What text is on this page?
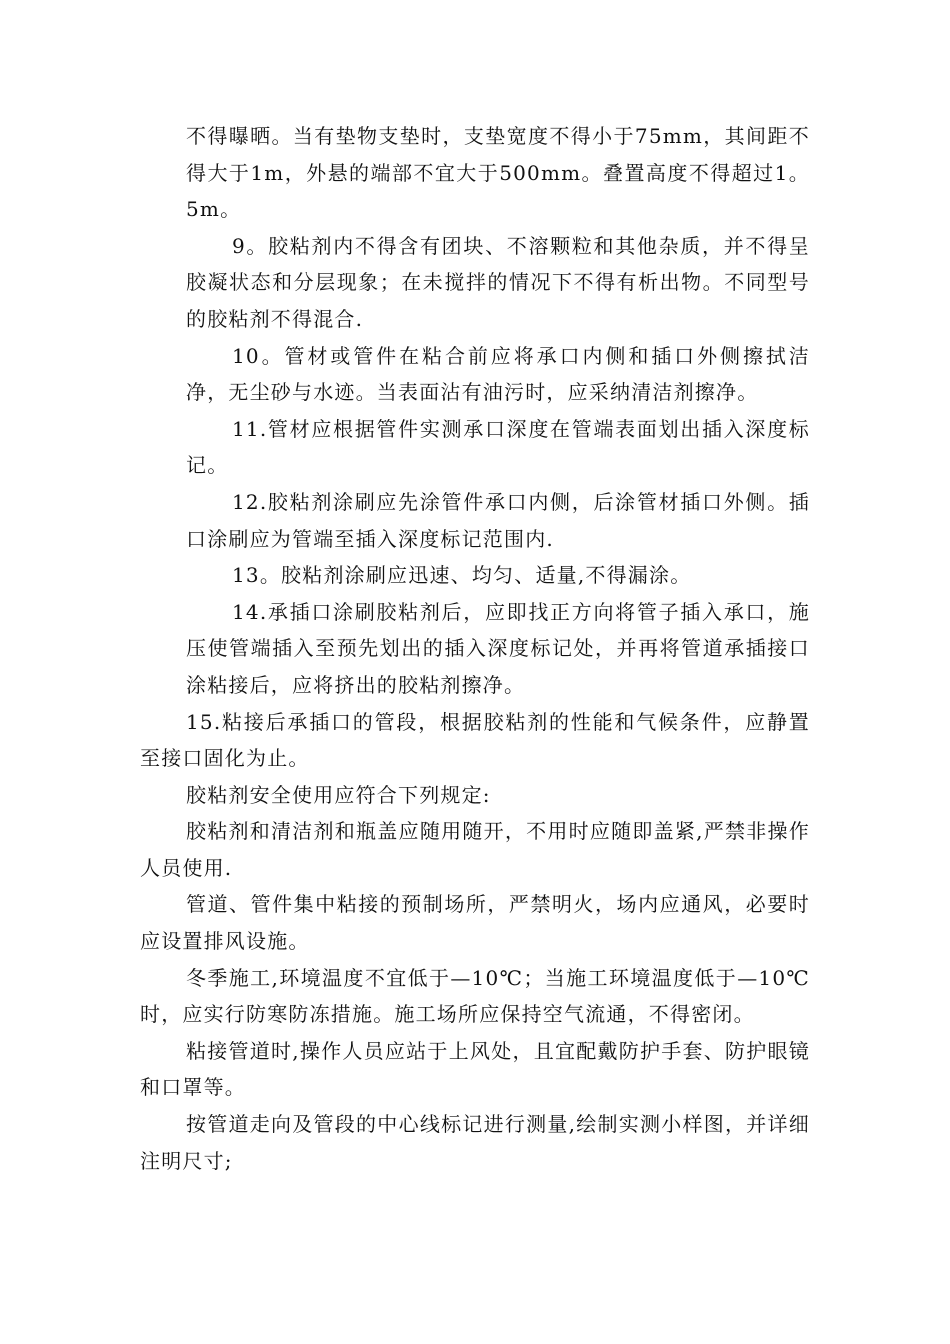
不得曝晒。当有垫物支垫时，支垫宽度不得小于75mm，其间距不得大于1m，外悬的端部不宜大于500mm。叠置高度不得超过1。5m。

9。胶粘剂内不得含有团块、不溶颗粒和其他杂质，并不得呈胶凝状态和分层现象；在未搅拌的情况下不得有析出物。不同型号的胶粘剂不得混合.

10。管材或管件在粘合前应将承口内侧和插口外侧擦拭洁净，无尘砂与水迹。当表面沾有油污时，应采纳清洁剂擦净。

11.管材应根据管件实测承口深度在管端表面划出插入深度标记。

12.胶粘剂涂刷应先涂管件承口内侧，后涂管材插口外侧。插口涂刷应为管端至插入深度标记范围内.

13。胶粘剂涂刷应迅速、均匀、适量,不得漏涂。

14.承插口涂刷胶粘剂后，应即找正方向将管子插入承口，施压使管端插入至预先划出的插入深度标记处，并再将管道承插接口涂粘接后，应将挤出的胶粘剂擦净。

15.粘接后承插口的管段，根据胶粘剂的性能和气候条件，应静置至接口固化为止。

胶粘剂安全使用应符合下列规定:

胶粘剂和清洁剂和瓶盖应随用随开，不用时应随即盖紧,严禁非操作人员使用.

管道、管件集中粘接的预制场所，严禁明火，场内应通风，必要时应设置排风设施。

冬季施工,环境温度不宜低于—10℃；当施工环境温度低于—10℃时，应实行防寒防冻措施。施工场所应保持空气流通，不得密闭。

粘接管道时,操作人员应站于上风处，且宜配戴防护手套、防护眼镜和口罩等。

按管道走向及管段的中心线标记进行测量,绘制实测小样图，并详细注明尺寸;
